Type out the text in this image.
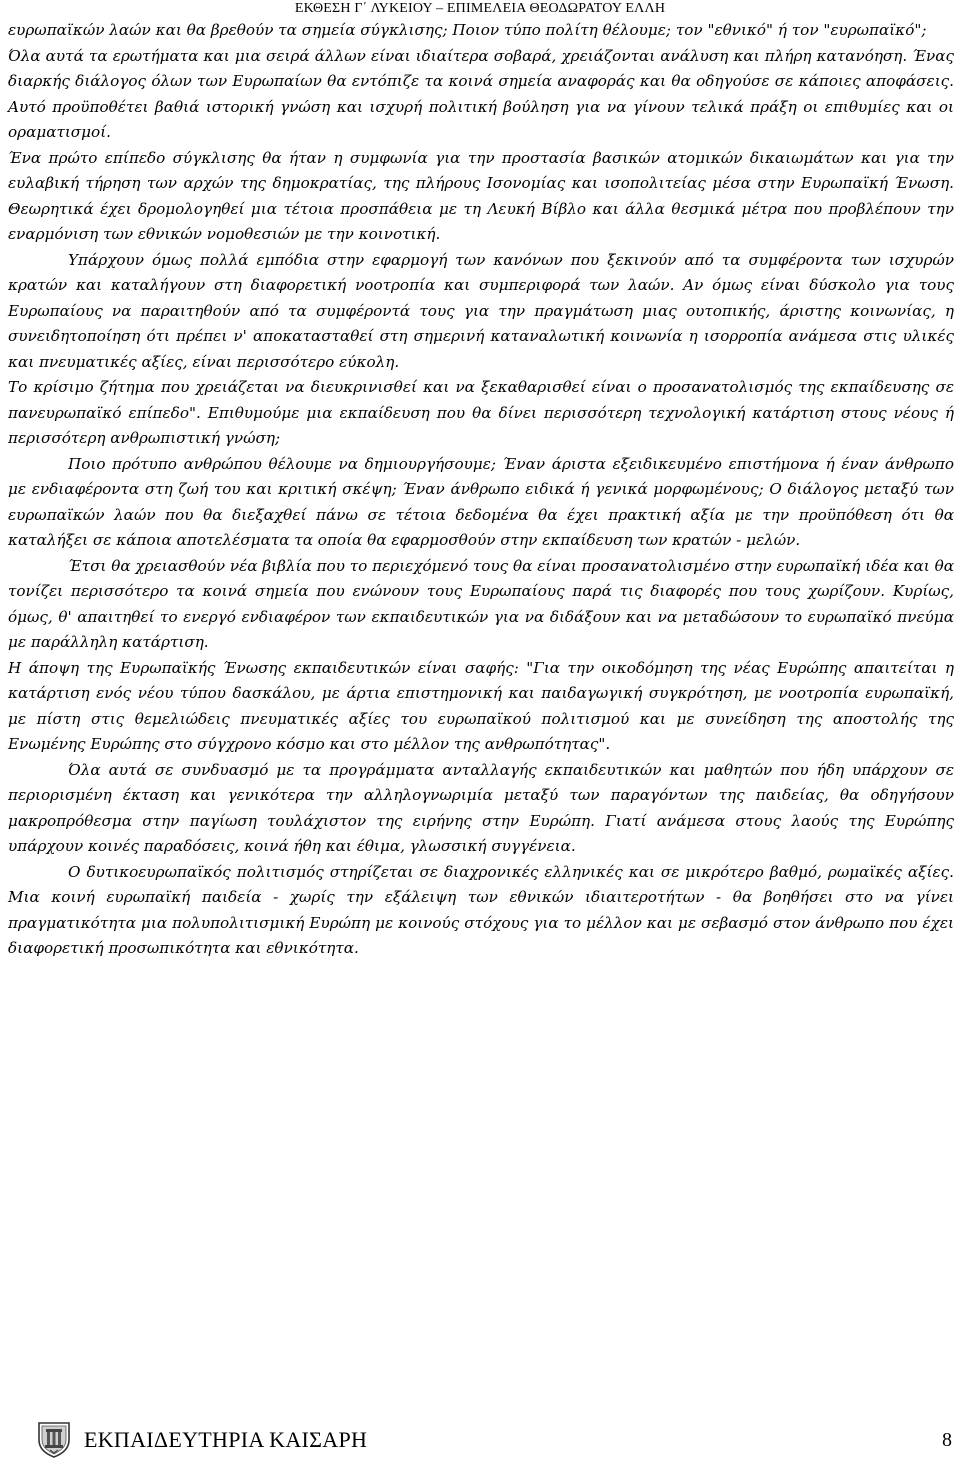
ΕΚΘΕΣΗ Γ΄ ΛΥΚΕΙΟΥ – ΕΠΙΜΕΛΕΙΑ ΘΕΟΔΩΡΑΤΟΥ ΕΛΛΗ

ευρωπαϊκών λαών και θα βρεθούν τα σημεία σύγκλισης; Ποιον τύπο πολίτη θέλουμε; τον "εθνικό" ή τον "ευρωπαϊκό";

Όλα αυτά τα ερωτήματα και μια σειρά άλλων είναι ιδιαίτερα σοβαρά, χρειάζονται ανάλυση και πλήρη κατανόηση. Ένας διαρκής διάλογος όλων των Ευρωπαίων θα εντόπιζε τα κοινά σημεία αναφοράς και θα οδηγούσε σε κάποιες αποφάσεις. Αυτό προϋποθέτει βαθιά ιστορική γνώση και ισχυρή πολιτική βούληση για να γίνουν τελικά πράξη οι επιθυμίες και οι οραματισμοί.

Ένα πρώτο επίπεδο σύγκλισης θα ήταν η συμφωνία για την προστασία βασικών ατομικών δικαιωμάτων και για την ευλαβική τήρηση των αρχών της δημοκρατίας, της πλήρους Ισονομίας και ισοπολιτείας μέσα στην Ευρωπαϊκή Ένωση. Θεωρητικά έχει δρομολογηθεί μια τέτοια προσπάθεια με τη Λευκή Βίβλο και άλλα θεσμικά μέτρα που προβλέπουν την εναρμόνιση των εθνικών νομοθεσιών με την κοινοτική.

Υπάρχουν όμως πολλά εμπόδια στην εφαρμογή των κανόνων που ξεκινούν από τα συμφέροντα των ισχυρών κρατών και καταλήγουν στη διαφορετική νοοτροπία και συμπεριφορά των λαών. Αν όμως είναι δύσκολο για τους Ευρωπαίους να παραιτηθούν από τα συμφέροντά τους για την πραγμάτωση μιας ουτοπικής, άριστης κοινωνίας, η συνειδητοποίηση ότι πρέπει ν' αποκατασταθεί στη σημερινή καταναλωτική κοινωνία η ισορροπία ανάμεσα στις υλικές και πνευματικές αξίες, είναι περισσότερο εύκολη.

Το κρίσιμο ζήτημα που χρειάζεται να διευκρινισθεί και να ξεκαθαρισθεί είναι ο προσανατολισμός της εκπαίδευσης σε πανευρωπαϊκό επίπεδο". Επιθυμούμε μια εκπαίδευση που θα δίνει περισσότερη τεχνολογική κατάρτιση στους νέους ή περισσότερη ανθρωπιστική γνώση;

Ποιο πρότυπο ανθρώπου θέλουμε να δημιουργήσουμε; Έναν άριστα εξειδικευμένο επιστήμονα ή έναν άνθρωπο με ενδιαφέροντα στη ζωή του και κριτική σκέψη; Έναν άνθρωπο ειδικά ή γενικά μορφωμένους; Ο διάλογος μεταξύ των ευρωπαϊκών λαών που θα διεξαχθεί πάνω σε τέτοια δεδομένα θα έχει πρακτική αξία με την προϋπόθεση ότι θα καταλήξει σε κάποια αποτελέσματα τα οποία θα εφαρμοσθούν στην εκπαίδευση των κρατών - μελών.

Έτσι θα χρειασθούν νέα βιβλία που το περιεχόμενό τους θα είναι προσανατολισμένο στην ευρωπαϊκή ιδέα και θα τονίζει περισσότερο τα κοινά σημεία που ενώνουν τους Ευρωπαίους παρά τις διαφορές που τους χωρίζουν. Κυρίως, όμως, θ' απαιτηθεί το ενεργό ενδιαφέρον των εκπαιδευτικών για να διδάξουν και να μεταδώσουν το ευρωπαϊκό πνεύμα με παράλληλη κατάρτιση.

Η άποψη της Ευρωπαϊκής Ένωσης εκπαιδευτικών είναι σαφής: "Για την οικοδόμηση της νέας Ευρώπης απαιτείται η κατάρτιση ενός νέου τύπου δασκάλου, με άρτια επιστημονική και παιδαγωγική συγκρότηση, με νοοτροπία ευρωπαϊκή, με πίστη στις θεμελιώδεις πνευματικές αξίες του ευρωπαϊκού πολιτισμού και με συνείδηση της αποστολής της Ενωμένης Ευρώπης στο σύγχρονο κόσμο και στο μέλλον της ανθρωπότητας".

Όλα αυτά σε συνδυασμό με τα προγράμματα ανταλλαγής εκπαιδευτικών και μαθητών που ήδη υπάρχουν σε περιορισμένη έκταση και γενικότερα την αλληλογνωριμία μεταξύ των παραγόντων της παιδείας, θα οδηγήσουν μακροπρόθεσμα στην παγίωση τουλάχιστον της ειρήνης στην Ευρώπη. Γιατί ανάμεσα στους λαούς της Ευρώπης υπάρχουν κοινές παραδόσεις, κοινά ήθη και έθιμα, γλωσσική συγγένεια.

Ο δυτικοευρωπαϊκός πολιτισμός στηρίζεται σε διαχρονικές ελληνικές και σε μικρότερο βαθμό, ρωμαϊκές αξίες. Μια κοινή ευρωπαϊκή παιδεία - χωρίς την εξάλειψη των εθνικών ιδιαιτεροτήτων - θα βοηθήσει στο να γίνει πραγματικότητα μια πολυπολιτισμική Ευρώπη με κοινούς στόχους για το μέλλον και με σεβασμό στον άνθρωπο που έχει διαφορετική προσωπικότητα και εθνικότητα.

ΕΚΠΑΙΔΕΥΤΗΡΙΑ ΚΑΙΣΑΡΗ	8
